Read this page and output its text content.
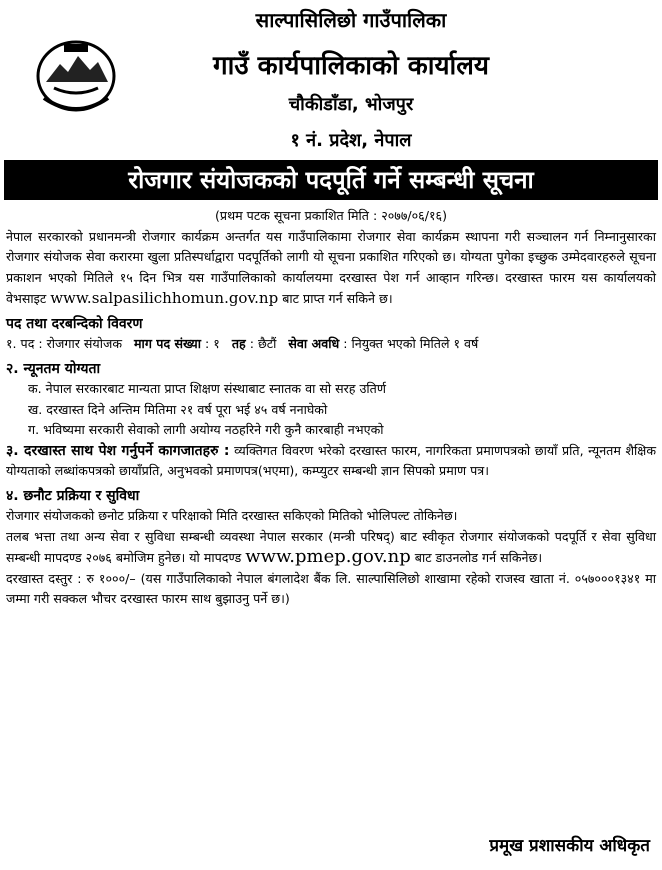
साल्पासिलिछो गाउँपालिका
गाउँ कार्यपालिकाको कार्यालय
चौकीडाँडा, भोजपुर
१ नं. प्रदेश, नेपाल
रोजगार संयोजकको पदपूर्ति गर्ने सम्बन्धी सूचना
(प्रथम पटक सूचना प्रकाशित मिति : २०७७/०६/१६)
नेपाल सरकारको प्रधानमन्त्री रोजगार कार्यक्रम अन्तर्गत यस गाउँपालिकामा रोजगार सेवा कार्यक्रम स्थापना गरी सञ्चालन गर्न निम्नानुसारका रोजगार संयोजक सेवा करारमा खुला प्रतिस्पर्धाद्वारा पदपूर्तिको लागी यो सूचना प्रकाशित गरिएको छ। योग्यता पुगेका इच्छुक उम्मेदवारहरुले सूचना प्रकाशन भएको मितिले १५ दिन भित्र यस गाउँपालिकाको कार्यालयमा दरखास्त पेश गर्न आव्हान गरिन्छ। दरखास्त फारम यस कार्यालयको वेभसाइट www.salpasilichhomun.gov.np बाट प्राप्त गर्न सकिने छ।
पद तथा दरबन्दिको विवरण
१. पद : रोजगार संयोजक माग पद संख्या : १ तह : छैटौं सेवा अवधि : नियुक्त भएको मितिले १ वर्ष
२. न्यूनतम योग्यता
क. नेपाल सरकारबाट मान्यता प्राप्त शिक्षण संस्थाबाट स्नातक वा सो सरह उतिर्ण
ख. दरखास्त दिने अन्तिम मितिमा २१ वर्ष पूरा भई ४५ वर्ष ननाघेको
ग. भविष्यमा सरकारी सेवाको लागी अयोग्य नठहरिने गरी कुनै कारबाही नभएको
३. दरखास्त साथ पेश गर्नुपर्ने कागजातहरु : व्यक्तिगत विवरण भरेको दरखास्त फारम, नागरिकता प्रमाणपत्रको छायाँ प्रति, न्यूनतम शैक्षिक योग्यताको लब्धांकपत्रको छायाँप्रति, अनुभवको प्रमाणपत्र(भएमा), कम्प्युटर सम्बन्धी ज्ञान सिपको प्रमाण पत्र।
४. छनौट प्रक्रिया र सुविधा
रोजगार संयोजकको छनोट प्रक्रिया र परिक्षाको मिति दरखास्त सकिएको मितिको भोलिपल्ट तोकिनेछ।
तलब भत्ता तथा अन्य सेवा र सुविधा सम्बन्धी व्यवस्था नेपाल सरकार (मन्त्री परिषद्) बाट स्वीकृत रोजगार संयोजकको पदपूर्ति र सेवा सुविधा सम्बन्धी मापदण्ड २०७६ बमोजिम हुनेछ। यो मापदण्ड www.pmep.gov.np बाट डाउनलोड गर्न सकिनेछ।
दरखास्त दस्तुर : रु १०००/– (यस गाउँपालिकाको नेपाल बंगलादेश बैंक लि. साल्पासिलिछो शाखामा रहेको राजस्व खाता नं. ०५७०००१३४१ मा जम्मा गरी सक्कल भौचर दरखास्त फारम साथ बुझाउनु पर्ने छ।)
प्रमूख प्रशासकीय अधिकृत
